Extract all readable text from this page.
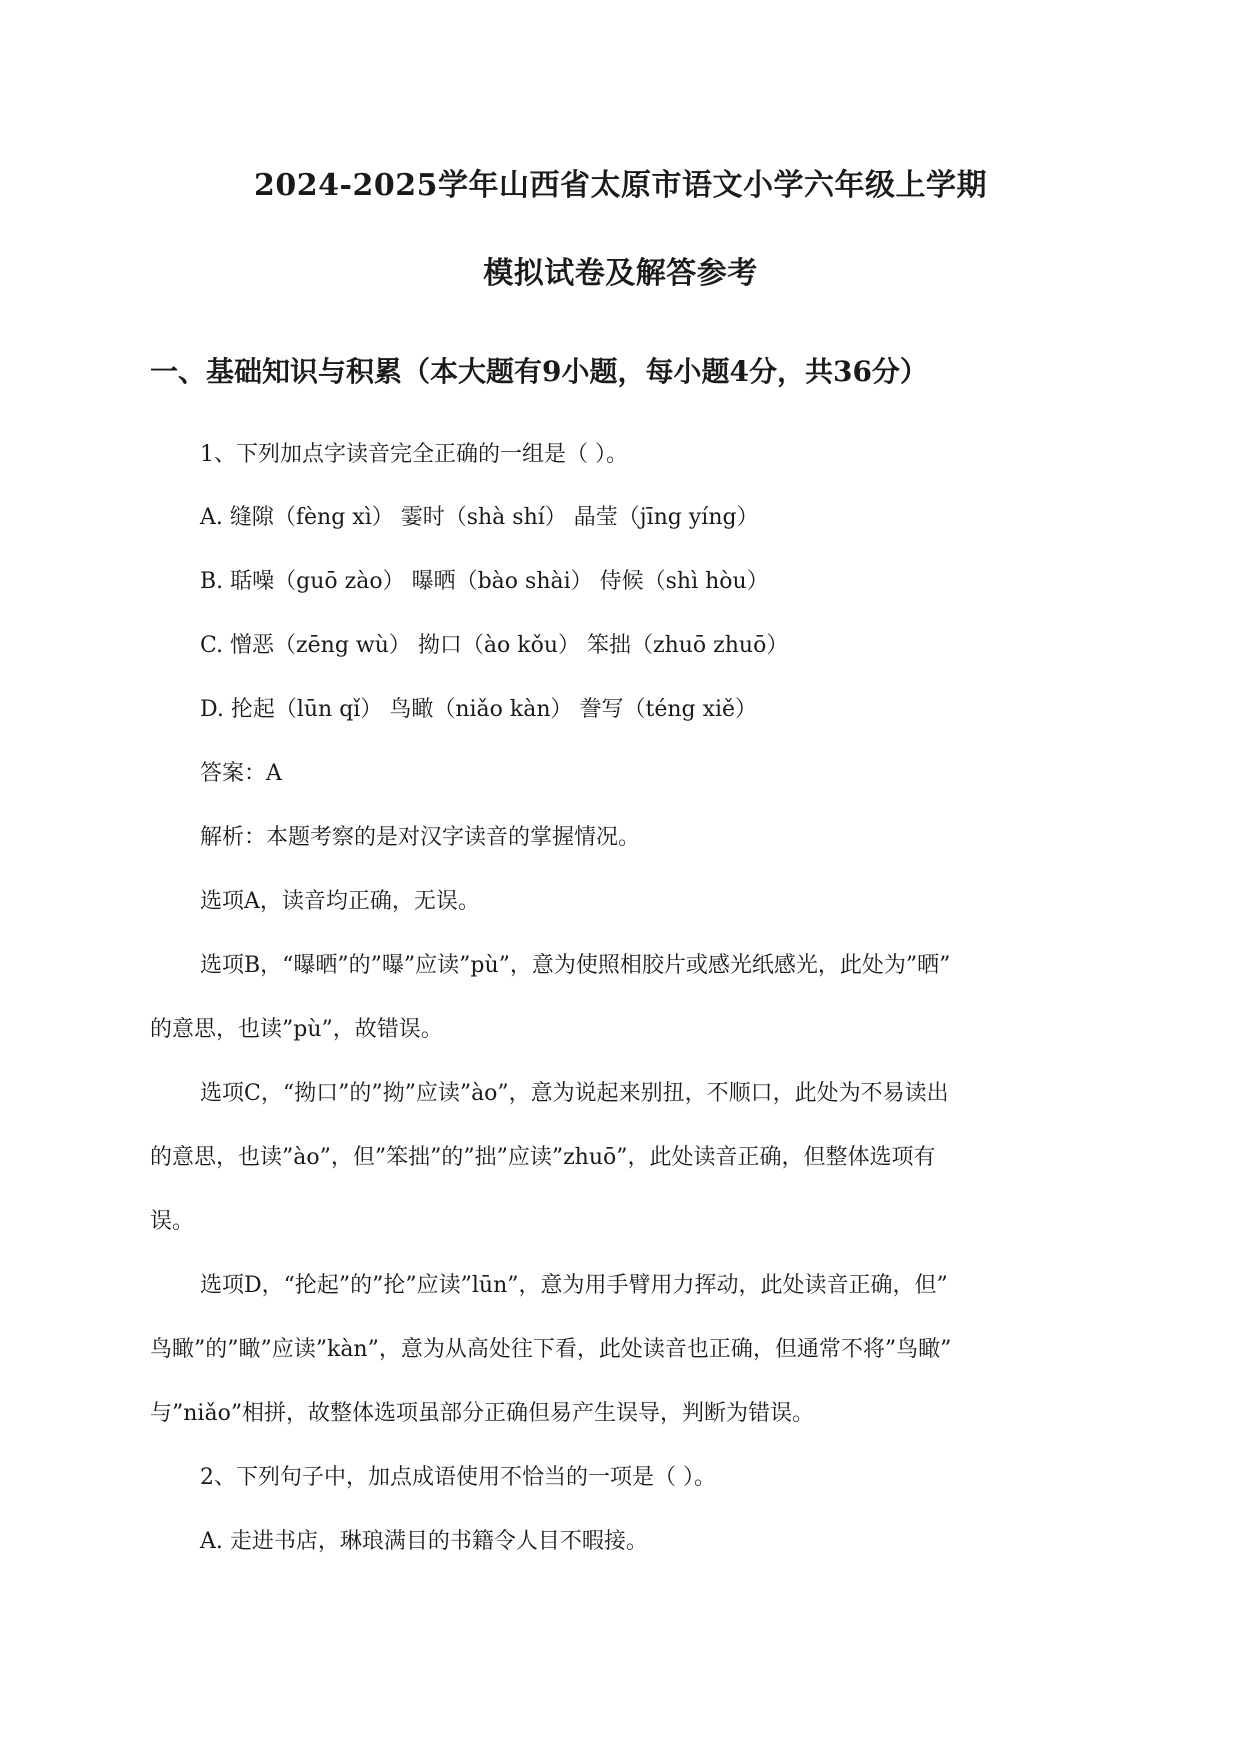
2024-2025学年山西省太原市语文小学六年级上学期
模拟试卷及解答参考
一、基础知识与积累（本大题有9小题，每小题4分，共36分）
1、下列加点字读音完全正确的一组是（ ）。
A. 缝隙（fèng xì） 霎时（shà shí） 晶莹（jīng yíng）
B. 聒噪（guō zào） 曝晒（bào shài） 侍候（shì hòu）
C. 憎恶（zēng wù） 拗口（ào kǒu） 笨拙（zhuō zhuō）
D. 抡起（lūn qǐ） 鸟瞰（niǎo kàn） 誊写（téng xiě）
答案：A
解析：本题考察的是对汉字读音的掌握情况。
选项A，读音均正确，无误。
选项B，“曝晒”的”曝”应读”pù”，意为使照相胶片或感光纸感光，此处为”晒”
的意思，也读”pù”，故错误。
选项C，“拗口”的”拗”应读”ào”，意为说起来别扭，不顺口，此处为不易读出
的意思，也读”ào”，但”笨拙”的”拙”应读”zhuō”，此处读音正确，但整体选项有
误。
选项D，“抡起”的”抡”应读”lūn”，意为用手臂用力挥动，此处读音正确，但”
鸟瞰”的”瞰”应读”kàn”，意为从高处往下看，此处读音也正确，但通常不将”鸟瞰”
与”niǎo”相拼，故整体选项虽部分正确但易产生误导，判断为错误。
2、下列句子中，加点成语使用不恰当的一项是（ ）。
A. 走进书店，琳琅满目的书籍令人目不暇接。
